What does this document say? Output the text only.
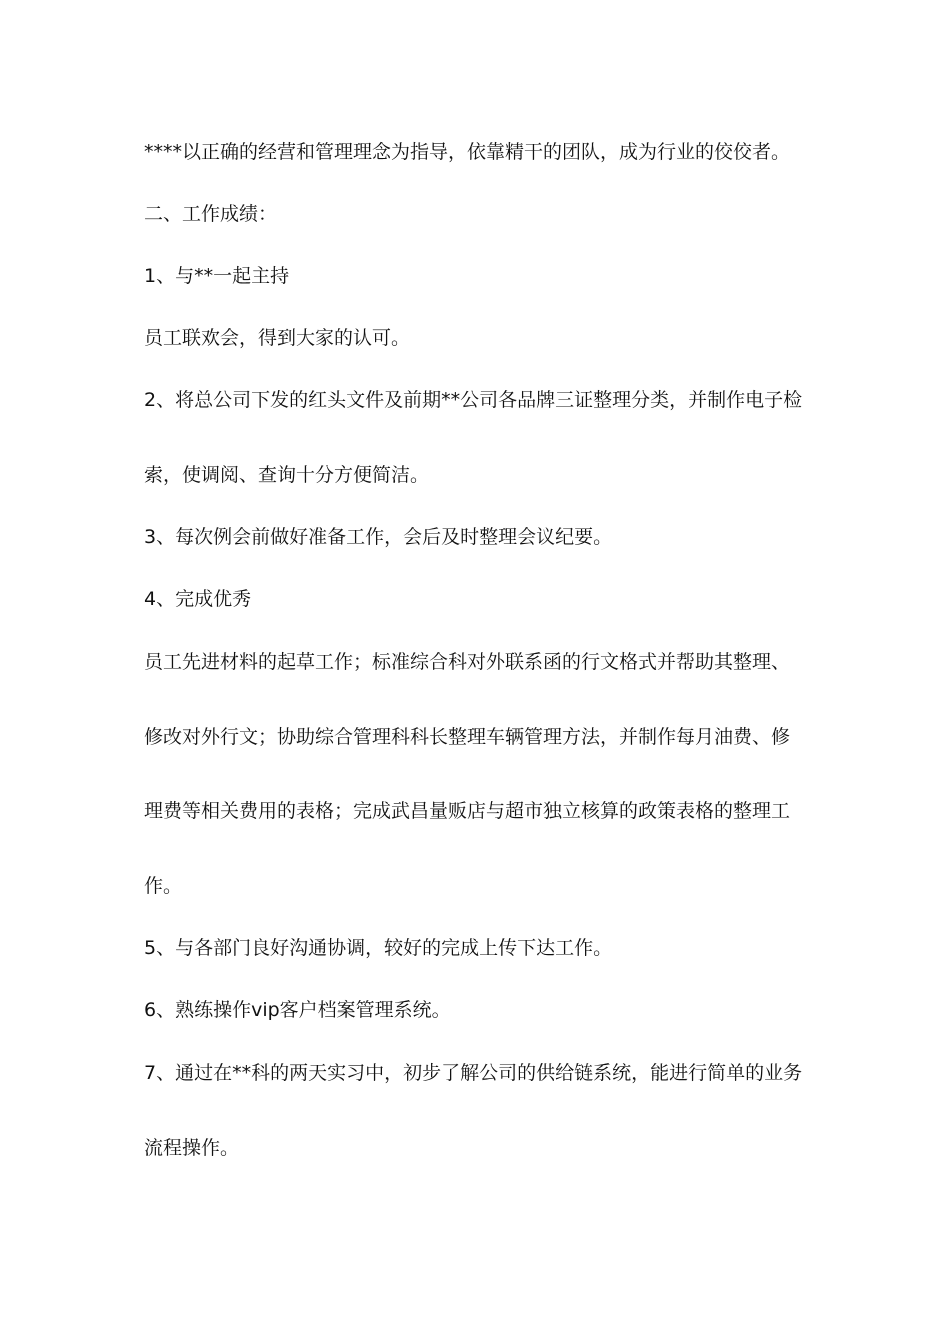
****以正确的经营和管理理念为指导，依靠精干的团队，成为行业的佼佼者。
二、工作成绩：
1、与**一起主持
员工联欢会，得到大家的认可。
2、将总公司下发的红头文件及前期**公司各品牌三证整理分类，并制作电子检
索，使调阅、查询十分方便简洁。
3、每次例会前做好准备工作，会后及时整理会议纪要。
4、完成优秀
员工先进材料的起草工作；标准综合科对外联系函的行文格式并帮助其整理、
修改对外行文；协助综合管理科科长整理车辆管理方法，并制作每月油费、修
理费等相关费用的表格；完成武昌量贩店与超市独立核算的政策表格的整理工
作。
5、与各部门良好沟通协调，较好的完成上传下达工作。
6、熟练操作vip客户档案管理系统。
7、通过在**科的两天实习中，初步了解公司的供给链系统，能进行简单的业务
流程操作。
